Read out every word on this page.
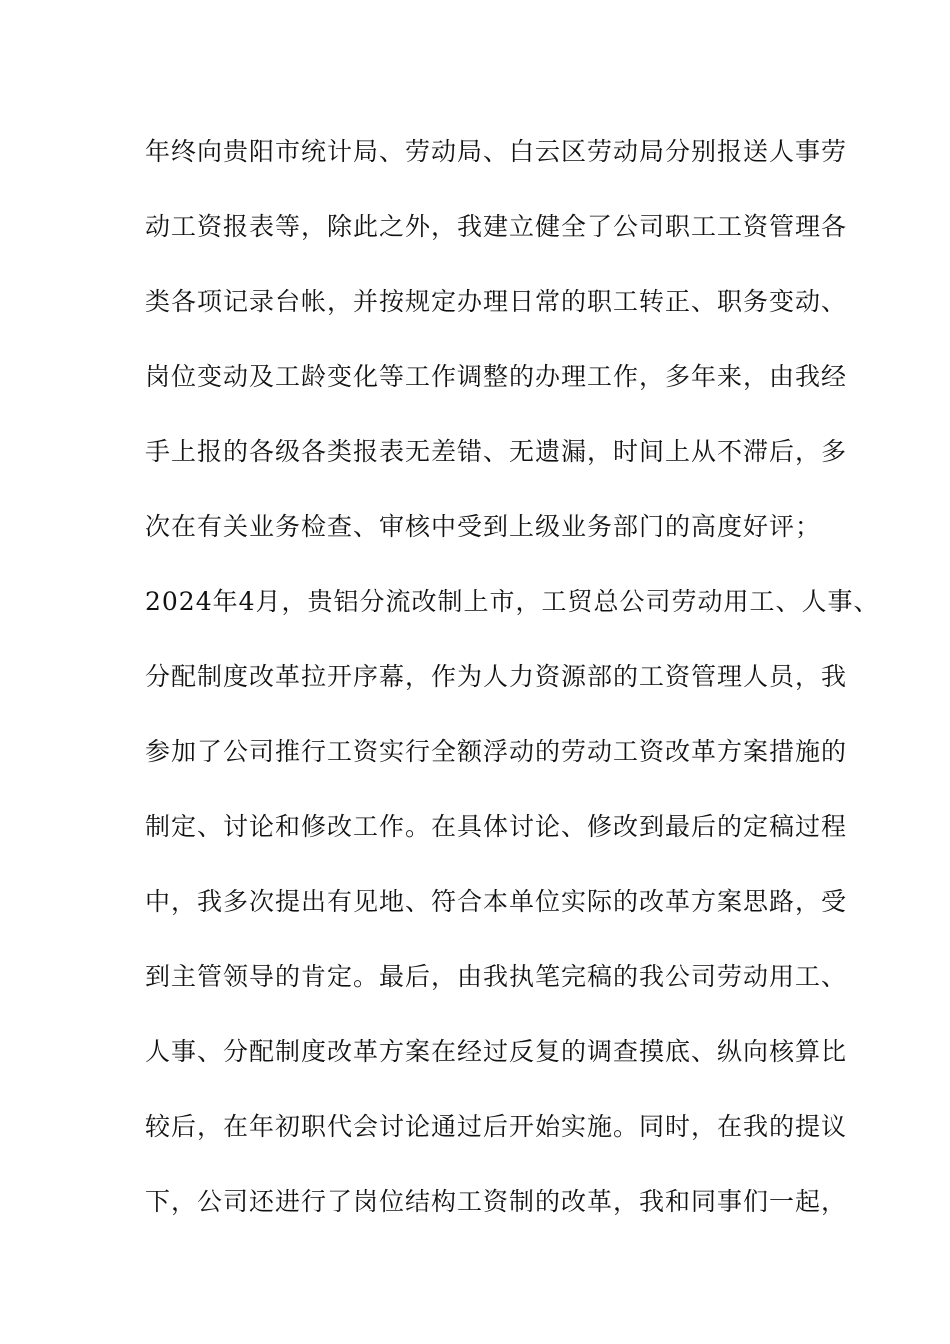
年终向贵阳市统计局、劳动局、白云区劳动局分别报送人事劳
动工资报表等，除此之外，我建立健全了公司职工工资管理各
类各项记录台帐，并按规定办理日常的职工转正、职务变动、
岗位变动及工龄变化等工作调整的办理工作，多年来，由我经
手上报的各级各类报表无差错、无遗漏，时间上从不滞后，多
次在有关业务检查、审核中受到上级业务部门的高度好评；
2024年4月，贵铝分流改制上市，工贸总公司劳动用工、人事、
分配制度改革拉开序幕，作为人力资源部的工资管理人员，我
参加了公司推行工资实行全额浮动的劳动工资改革方案措施的
制定、讨论和修改工作。在具体讨论、修改到最后的定稿过程
中，我多次提出有见地、符合本单位实际的改革方案思路，受
到主管领导的肯定。最后，由我执笔完稿的我公司劳动用工、
人事、分配制度改革方案在经过反复的调查摸底、纵向核算比
较后，在年初职代会讨论通过后开始实施。同时，在我的提议
下，公司还进行了岗位结构工资制的改革，我和同事们一起，
